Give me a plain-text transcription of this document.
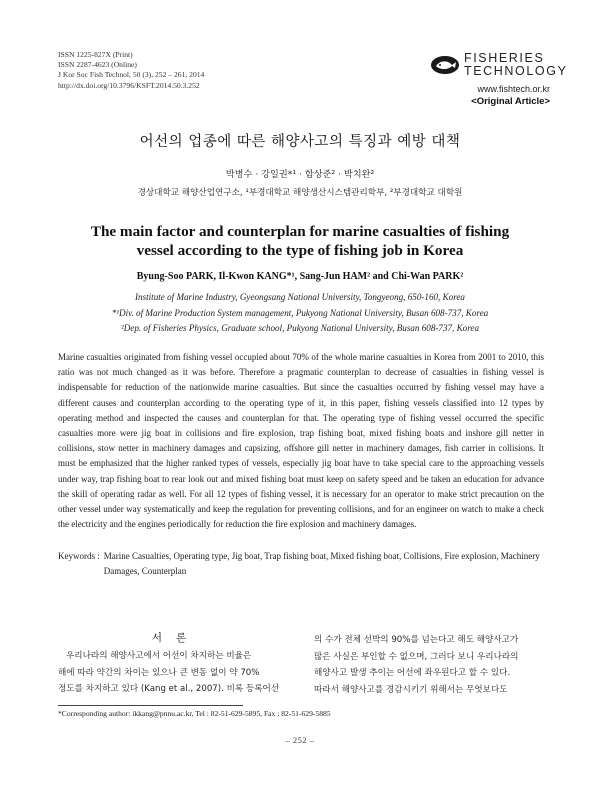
ISSN 1225-827X (Print)
ISSN 2287-4623 (Online)
J Kor Soc Fish Technol, 50 (3), 252 – 261, 2014
http://dx.doi.org/10.3796/KSFT.2014.50.3.252
FISHERIES
TECHNOLOGY
www.fishtech.or.kr
<Original Article>
어선의 업종에 따른 해양사고의 특징과 예방 대책
박병수 · 강일권*¹ · 함상준² · 박치완²
경상대학교 해양산업연구소, ¹부경대학교 해양생산시스템관리학부, ²부경대학교 대학원
The main factor and counterplan for marine casualties of fishing
vessel according to the type of fishing job in Korea
Byung-Soo PARK, Il-Kwon KANG*¹, Sang-Jun HAM² and Chi-Wan PARK²
Institute of Marine Industry, Gyeongsang National University, Tongyeong, 650-160, Korea
*¹Div. of Marine Production System management, Pukyong National University, Busan 608-737, Korea
²Dep. of Fisheries Physics, Graduate school, Pukyong National University, Busan 608-737, Korea
Marine casualties originated from fishing vessel occupied about 70% of the whole marine casualties in Korea from 2001 to 2010, this ratio was not much changed as it was before. Therefore a pragmatic counterplan to decrease of casualties in fishing vessel is indispensable for reduction of the nationwide marine casualties. But since the casualties occurred by fishing vessel may have a different causes and counterplan according to the operating type of it, in this paper, fishing vessels classified into 12 types by operating method and inspected the causes and counterplan for that. The operating type of fishing vessel occurred the specific casualties more were jig boat in collisions and fire explosion, trap fishing boat, mixed fishing boats and inshore gill netter in collisions, stow netter in machinery damages and capsizing, offshore gill netter in machinery damages, fish carrier in collisions. It must be emphasized that the higher ranked types of vessels, especially jig boat have to take special care to the approaching vessels under way, trap fishing boat to rear look out and mixed fishing boat must keep on safety speed and be taken an education for advance the skill of operating radar as well. For all 12 types of fishing vessel, it is necessary for an operator to make strict precaution on the other vessel under way systematically and keep the regulation for preventing collisions, and for an engineer on watch to make a check the electricity and the engines periodically for reduction the fire explosion and machinery damages.
Keywords : Marine Casualties, Operating type, Jig boat, Trap fishing boat, Mixed fishing boat, Collisions, Fire explosion, Machinery Damages, Counterplan
서론
우리나라의 해양사고에서 어선이 차지하는 비율은
해에 따라 약간의 차이는 있으나 큰 변동 없이 약 70%
정도를 차지하고 있다 (Kang et al., 2007). 비록 등록어선
의 수가 전체 선박의 90%를 넘는다고 해도 해양사고가
많은 사실은 부인할 수 없으며, 그러다 보니 우리나라의
해양사고 발생 추이는 어선에 좌우된다고 할 수 있다.
따라서 해양사고를 경감시키기 위해서는 무엇보다도
*Corresponding author: ikkang@pnnu.ac.kr, Tel : 82-51-629-5895, Fax : 82-51-629-5885
– 252 –
